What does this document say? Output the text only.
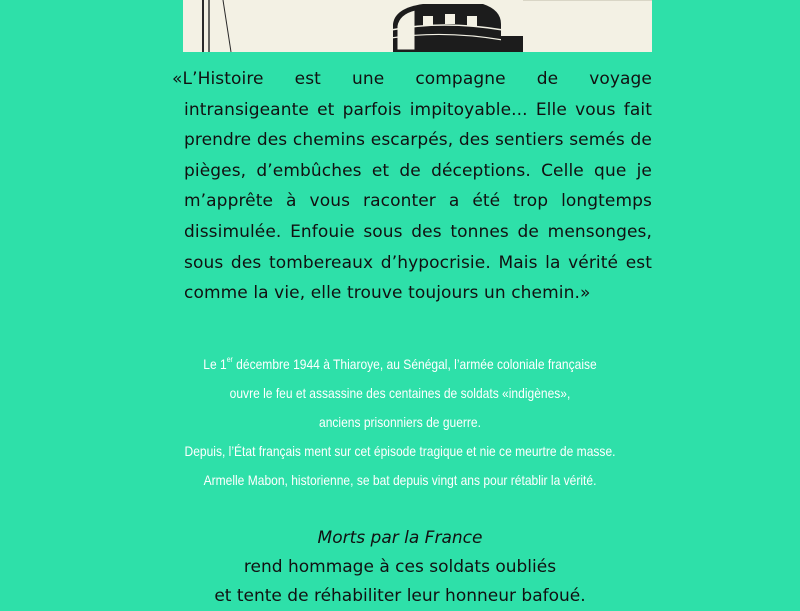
«L’Histoire est une compagne de voyage intransigeante et parfois impitoyable... Elle vous fait prendre des chemins escarpés, des sentiers semés de pièges, d’embûches et de déceptions. Celle que je m’apprête à vous raconter a été trop longtemps dissimulée. Enfouie sous des tonnes de mensonges, sous des tombereaux d’hypocrisie. Mais la vérité est comme la vie, elle trouve toujours un chemin.»

Le 1er décembre 1944 à Thiaroye, au Sénégal, l’armée coloniale française
ouvre le feu et assassine des centaines de soldats «indigènes»,
anciens prisonniers de guerre.
Depuis, l’État français ment sur cet épisode tragique et nie ce meurtre de masse.
Armelle Mabon, historienne, se bat depuis vingt ans pour rétablir la vérité.
Morts par la France
rend hommage à ces soldats oubliés
et tente de réhabiliter leur honneur bafoué.
